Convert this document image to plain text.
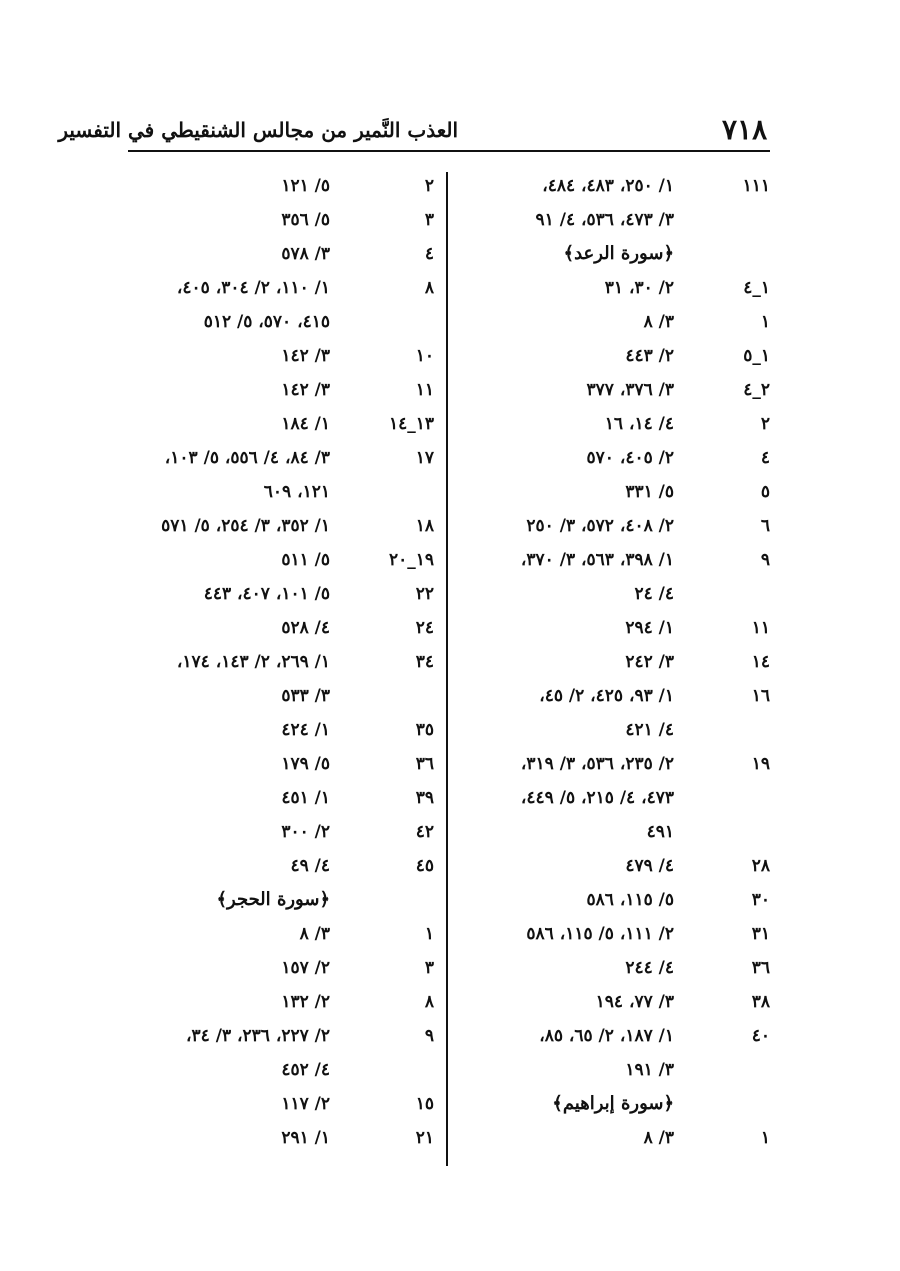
٧١٨
العذب النَّمير من مجالس الشنقيطي في التفسير
١١١
١/ ٢٥٠، ٤٨٣، ٤٨٤،
٣/ ٤٧٣، ٥٣٦، ٤/ ٩١
﴿سورة الرعد﴾
١_٤
٢/ ٣٠، ٣١
١
٣/ ٨
١_٥
٢/ ٤٤٣
٢_٤
٣/ ٣٧٦، ٣٧٧
٢
٤/ ١٤، ١٦
٤
٢/ ٤٠٥، ٥٧٠
٥
٥/ ٣٣١
٦
٢/ ٤٠٨، ٥٧٢، ٣/ ٢٥٠
٩
١/ ٣٩٨، ٥٦٣، ٣/ ٣٧٠،
٤/ ٢٤
١١
١/ ٢٩٤
١٤
٣/ ٢٤٢
١٦
١/ ٩٣، ٤٢٥، ٢/ ٤٥،
٤/ ٤٢١
١٩
٢/ ٢٣٥، ٥٣٦، ٣/ ٣١٩،
٤٧٣، ٤/ ٢١٥، ٥/ ٤٤٩،
٤٩١
٢٨
٤/ ٤٧٩
٣٠
٥/ ١١٥، ٥٨٦
٣١
٢/ ١١١، ٥/ ١١٥، ٥٨٦
٣٦
٤/ ٢٤٤
٣٨
٣/ ٧٧، ١٩٤
٤٠
١/ ١٨٧، ٢/ ٦٥، ٨٥،
٣/ ١٩١
﴿سورة إبراهيم﴾
١
٣/ ٨
٢
٥/ ١٢١
٣
٥/ ٣٥٦
٤
٣/ ٥٧٨
٨
١/ ١١٠، ٢/ ٣٠٤، ٤٠٥،
٤١٥، ٥٧٠، ٥/ ٥١٢
١٠
٣/ ١٤٢
١١
٣/ ١٤٢
١٣_١٤
١/ ١٨٤
١٧
٣/ ٨٤، ٤/ ٥٥٦، ٥/ ١٠٣،
١٢١، ٦٠٩
١٨
١/ ٣٥٢، ٣/ ٢٥٤، ٥/ ٥٧١
١٩_٢٠
٥/ ٥١١
٢٢
٥/ ١٠١، ٤٠٧، ٤٤٣
٢٤
٤/ ٥٢٨
٣٤
١/ ٢٦٩، ٢/ ١٤٣، ١٧٤،
٣/ ٥٣٣
٣٥
١/ ٤٢٤
٣٦
٥/ ١٧٩
٣٩
١/ ٤٥١
٤٢
٢/ ٣٠٠
٤٥
٤/ ٤٩
﴿سورة الحجر﴾
١
٣/ ٨
٣
٢/ ١٥٧
٨
٢/ ١٣٢
٩
٢/ ٢٢٧، ٢٣٦، ٣/ ٣٤،
٤/ ٤٥٢
١٥
٢/ ١١٧
٢١
١/ ٢٩١
